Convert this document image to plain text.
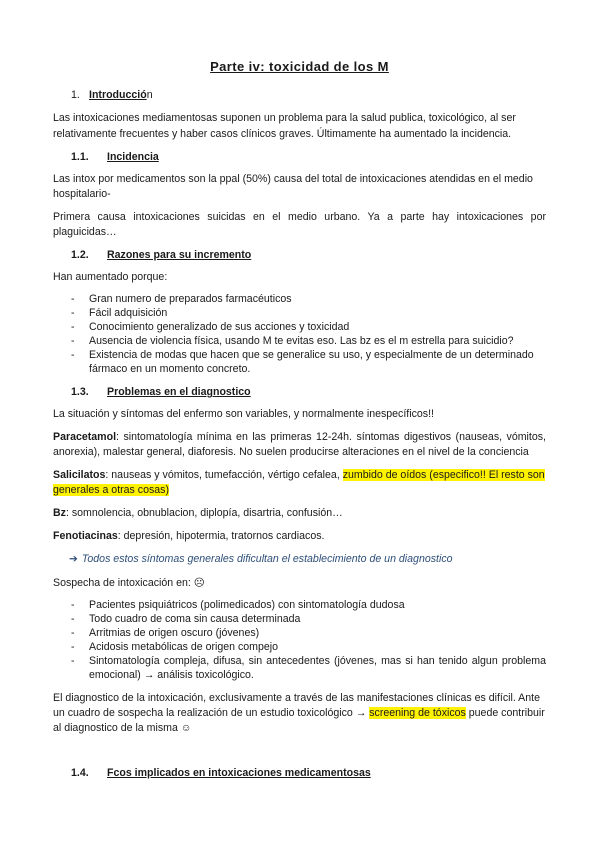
Parte iv: toxicidad de los M

1. Introducción

Las intoxicaciones mediamentosas suponen un problema para la salud publica, toxicológico, al ser relativamente frecuentes y haber casos clínicos graves. Últimamente ha aumentado la incidencia.

1.1. Incidencia

Las intox por medicamentos son la ppal (50%) causa del total de intoxicaciones atendidas en el medio hospitalario-

Primera causa intoxicaciones suicidas en el medio urbano. Ya a parte hay intoxicaciones por plaguicidas…

1.2. Razones para su incremento

Han aumentado porque:

- Gran numero de preparados farmacéuticos
- Fácil adquisición
- Conocimiento generalizado de sus acciones y toxicidad
- Ausencia de violencia física, usando M te evitas eso. Las bz es el m estrella para suicidio?
- Existencia de modas que hacen que se generalice su uso, y especialmente de un determinado fármaco en un momento concreto.

1.3. Problemas en el diagnostico

La situación y síntomas del enfermo son variables, y normalmente inespecíficos!!

Paracetamol: sintomatología mínima en las primeras 12-24h. síntomas digestivos (nauseas, vómitos, anorexia), malestar general, diaforesis. No suelen producirse alteraciones en el nivel de la conciencia

Salicilatos: nauseas y vómitos, tumefacción, vértigo cefalea, zumbido de oídos (especifico!! El resto son generales a otras cosas)

Bz: somnolencia, obnublacion, diplopía, disartria, confusión…

Fenotiacinas: depresión, hipotermia, tratornos cardiacos.

➔ Todos estos síntomas generales dificultan el establecimiento de un diagnostico

Sospecha de intoxicación en: ☹

- Pacientes psiquiátricos (polimedicados) con sintomatología dudosa
- Todo cuadro de coma sin causa determinada
- Arritmias de origen oscuro (jóvenes)
- Acidosis metabólicas de origen compejo
- Sintomatología compleja, difusa, sin antecedentes (jóvenes, mas si han tenido algun problema emocional) → análisis toxicológico.

El diagnostico de la intoxicación, exclusivamente a través de las manifestaciones clínicas es difícil. Ante un cuadro de sospecha la realización de un estudio toxicológico → screening de tóxicos puede contribuir al diagnostico de la misma ☺

1.4. Fcos implicados en intoxicaciones medicamentosas
